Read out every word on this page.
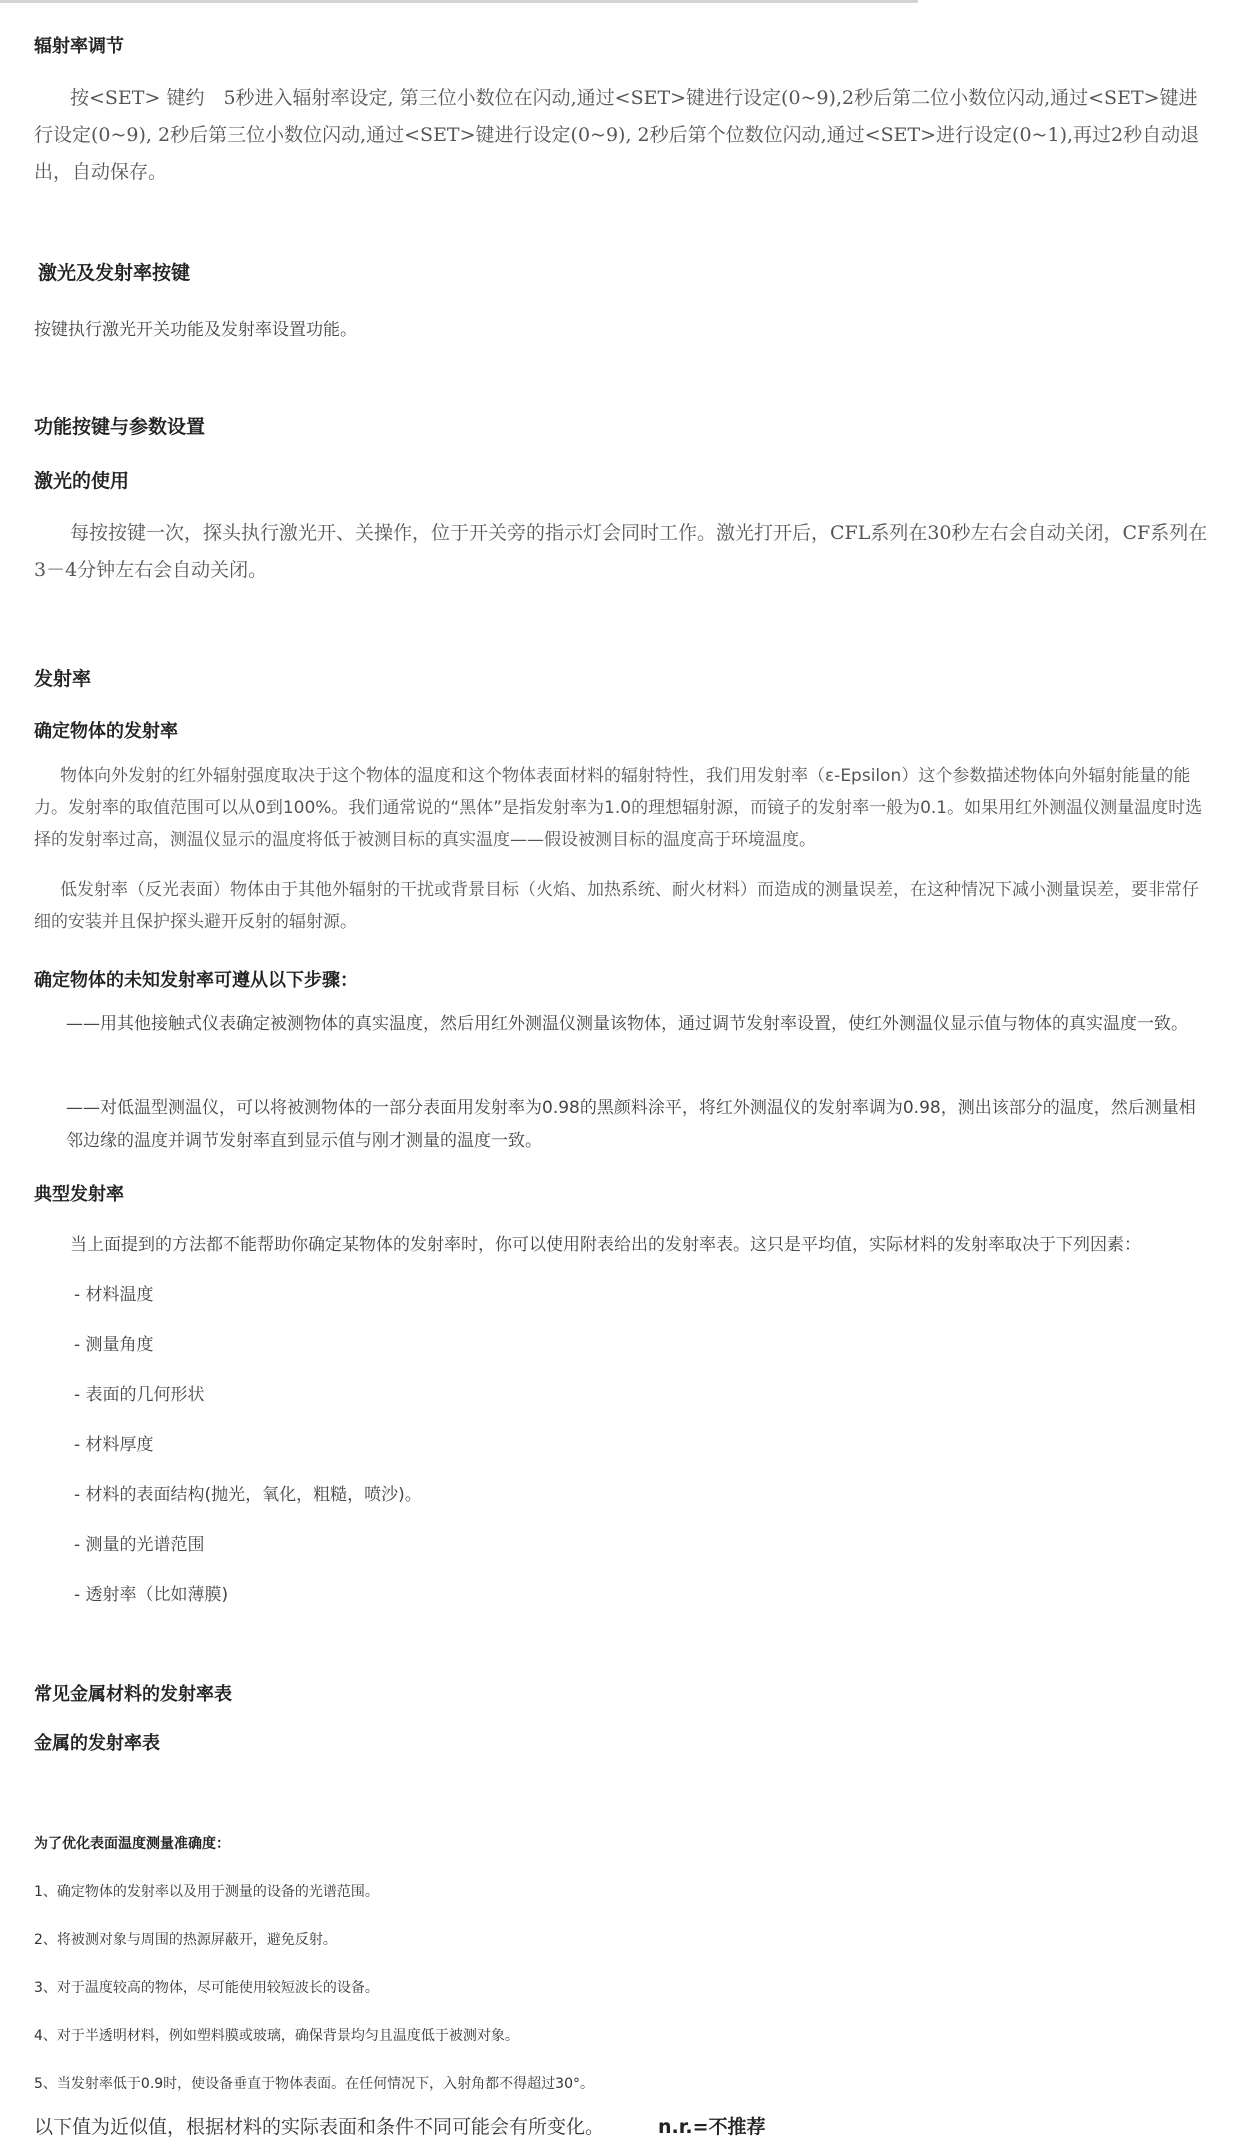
辐射率调节

按<SET> 键约　5秒进入辐射率设定, 第三位小数位在闪动,通过<SET>键进行设定(0~9),2秒后第二位小数位闪动,通过<SET>键进行设定(0~9), 2秒后第三位小数位闪动,通过<SET>键进行设定(0~9), 2秒后第个位数位闪动,通过<SET>进行设定(0~1),再过2秒自动退出，自动保存。

激光及发射率按键
按键执行激光开关功能及发射率设置功能。
功能按键与参数设置
激光的使用

每按按键一次，探头执行激光开、关操作，位于开关旁的指示灯会同时工作。激光打开后，CFL系列在30秒左右会自动关闭，CF系列在3－4分钟左右会自动关闭。

发射率
确定物体的发射率

物体向外发射的红外辐射强度取决于这个物体的温度和这个物体表面材料的辐射特性，我们用发射率（ε-Epsilon）这个参数描述物体向外辐射能量的能力。发射率的取值范围可以从0到100%。我们通常说的“黑体”是指发射率为1.0的理想辐射源，而镜子的发射率一般为0.1。如果用红外测温仪测量温度时选择的发射率过高，测温仪显示的温度将低于被测目标的真实温度——假设被测目标的温度高于环境温度。

低发射率（反光表面）物体由于其他外辐射的干扰或背景目标（火焰、加热系统、耐火材料）而造成的测量误差，在这种情况下减小测量误差，要非常仔细的安装并且保护探头避开反射的辐射源。

确定物体的未知发射率可遵从以下步骤：

——用其他接触式仪表确定被测物体的真实温度，然后用红外测温仪测量该物体，通过调节发射率设置，使红外测温仪显示值与物体的真实温度一致。

——对低温型测温仪，可以将被测物体的一部分表面用发射率为0.98的黑颜料涂平，将红外测温仪的发射率调为0.98，测出该部分的温度，然后测量相邻边缘的温度并调节发射率直到显示值与刚才测量的温度一致。

典型发射率
当上面提到的方法都不能帮助你确定某物体的发射率时，你可以使用附表给出的发射率表。这只是平均值，实际材料的发射率取决于下列因素：
- 材料温度
- 测量角度
- 表面的几何形状
- 材料厚度
- 材料的表面结构(抛光，氧化，粗糙，喷沙)。
- 测量的光谱范围
- 透射率（比如薄膜)
常见金属材料的发射率表
金属的发射率表
为了优化表面温度测量准确度：
1、确定物体的发射率以及用于测量的设备的光谱范围。
2、将被测对象与周围的热源屏蔽开，避免反射。
3、对于温度较高的物体，尽可能使用较短波长的设备。
4、对于半透明材料，例如塑料膜或玻璃，确保背景均匀且温度低于被测对象。
5、当发射率低于0.9时，使设备垂直于物体表面。在任何情况下，入射角都不得超过30°。
以下值为近似值，根据材料的实际表面和条件不同可能会有所变化。	n.r.=不推荐
